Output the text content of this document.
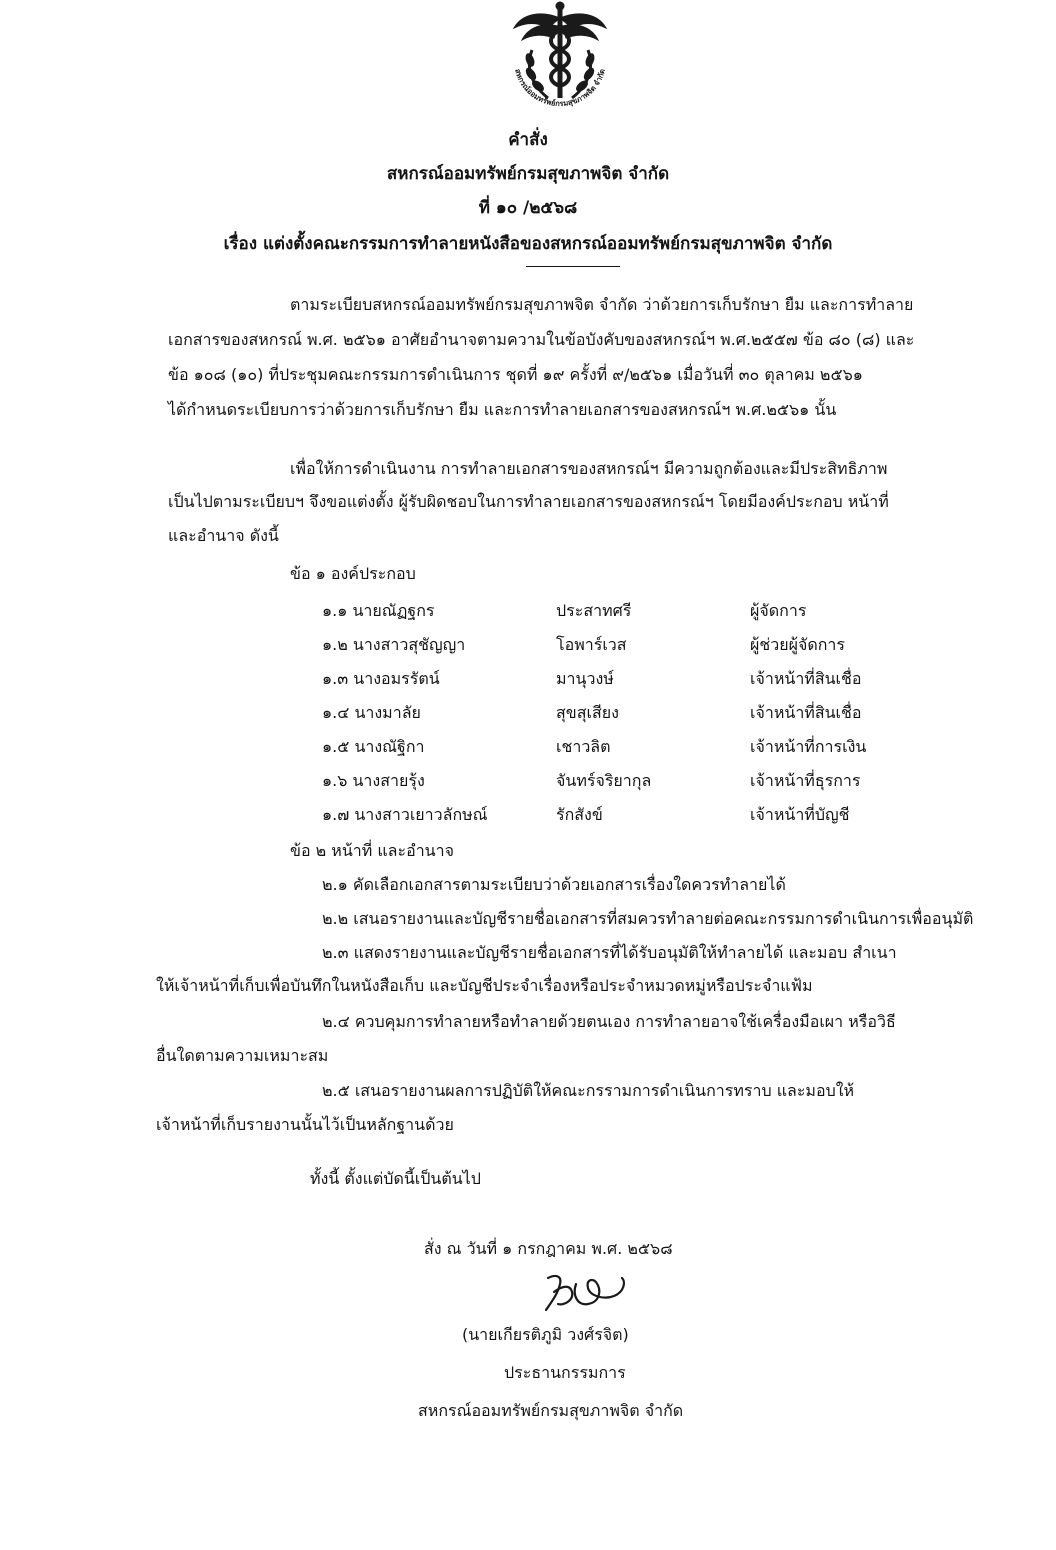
สหกรณ์ออมทรัพย์กรมสุขภาพจิต จำกัด
คำสั่ง
สหกรณ์ออมทรัพย์กรมสุขภาพจิต จำกัด
ที่ ๑๐ /๒๕๖๘
เรื่อง แต่งตั้งคณะกรรมการทำลายหนังสือของสหกรณ์ออมทรัพย์กรมสุขภาพจิต จำกัด
ตามระเบียบสหกรณ์ออมทรัพย์กรมสุขภาพจิต จำกัด ว่าด้วยการเก็บรักษา ยืม และการทำลาย
เอกสารของสหกรณ์ พ.ศ. ๒๕๖๑ อาศัยอำนาจตามความในข้อบังคับของสหกรณ์ฯ พ.ศ.๒๕๕๗ ข้อ ๘๐ (๘) และ
ข้อ ๑๐๘ (๑๐) ที่ประชุมคณะกรรมการดำเนินการ ชุดที่ ๑๙ ครั้งที่ ๙/๒๕๖๑ เมื่อวันที่ ๓๐ ตุลาคม ๒๕๖๑
ได้กำหนดระเบียบการว่าด้วยการเก็บรักษา ยืม และการทำลายเอกสารของสหกรณ์ฯ พ.ศ.๒๕๖๑ นั้น
เพื่อให้การดำเนินงาน การทำลายเอกสารของสหกรณ์ฯ มีความถูกต้องและมีประสิทธิภาพ
เป็นไปตามระเบียบฯ จึงขอแต่งตั้ง ผู้รับผิดชอบในการทำลายเอกสารของสหกรณ์ฯ โดยมีองค์ประกอบ หน้าที่
และอำนาจ ดังนี้
ข้อ ๑ องค์ประกอบ
๑.๑ นายณัฏฐกร	ประสาทศรี	ผู้จัดการ
๑.๒ นางสาวสุชัญญา	โอพาร์เวส	ผู้ช่วยผู้จัดการ
๑.๓ นางอมรรัตน์	มานุวงษ์	เจ้าหน้าที่สินเชื่อ
๑.๔ นางมาลัย	สุขสุเสียง	เจ้าหน้าที่สินเชื่อ
๑.๕ นางณัฐิกา	เชาวลิต	เจ้าหน้าที่การเงิน
๑.๖ นางสายรุ้ง	จันทร์จริยากุล	เจ้าหน้าที่ธุรการ
๑.๗ นางสาวเยาวลักษณ์	รักสังข์	เจ้าหน้าที่บัญชี
ข้อ ๒ หน้าที่ และอำนาจ
๒.๑ คัดเลือกเอกสารตามระเบียบว่าด้วยเอกสารเรื่องใดควรทำลายได้
๒.๒ เสนอรายงานและบัญชีรายชื่อเอกสารที่สมควรทำลายต่อคณะกรรมการดำเนินการเพื่ออนุมัติ
๒.๓ แสดงรายงานและบัญชีรายชื่อเอกสารที่ได้รับอนุมัติให้ทำลายได้ และมอบ สำเนา
ให้เจ้าหน้าที่เก็บเพื่อบันทึกในหนังสือเก็บ และบัญชีประจำเรื่องหรือประจำหมวดหมู่หรือประจำแฟ้ม
๒.๔ ควบคุมการทำลายหรือทำลายด้วยตนเอง การทำลายอาจใช้เครื่องมือเผา หรือวิธี
อื่นใดตามความเหมาะสม
๒.๕ เสนอรายงานผลการปฏิบัติให้คณะกรรามการดำเนินการทราบ และมอบให้
เจ้าหน้าที่เก็บรายงานนั้นไว้เป็นหลักฐานด้วย
ทั้งนี้ ตั้งแต่บัดนี้เป็นต้นไป
สั่ง ณ วันที่ ๑ กรกฎาคม พ.ศ. ๒๕๖๘
(นายเกียรติภูมิ วงศ์รจิต)
ประธานกรรมการ
สหกรณ์ออมทรัพย์กรมสุขภาพจิต จำกัด
